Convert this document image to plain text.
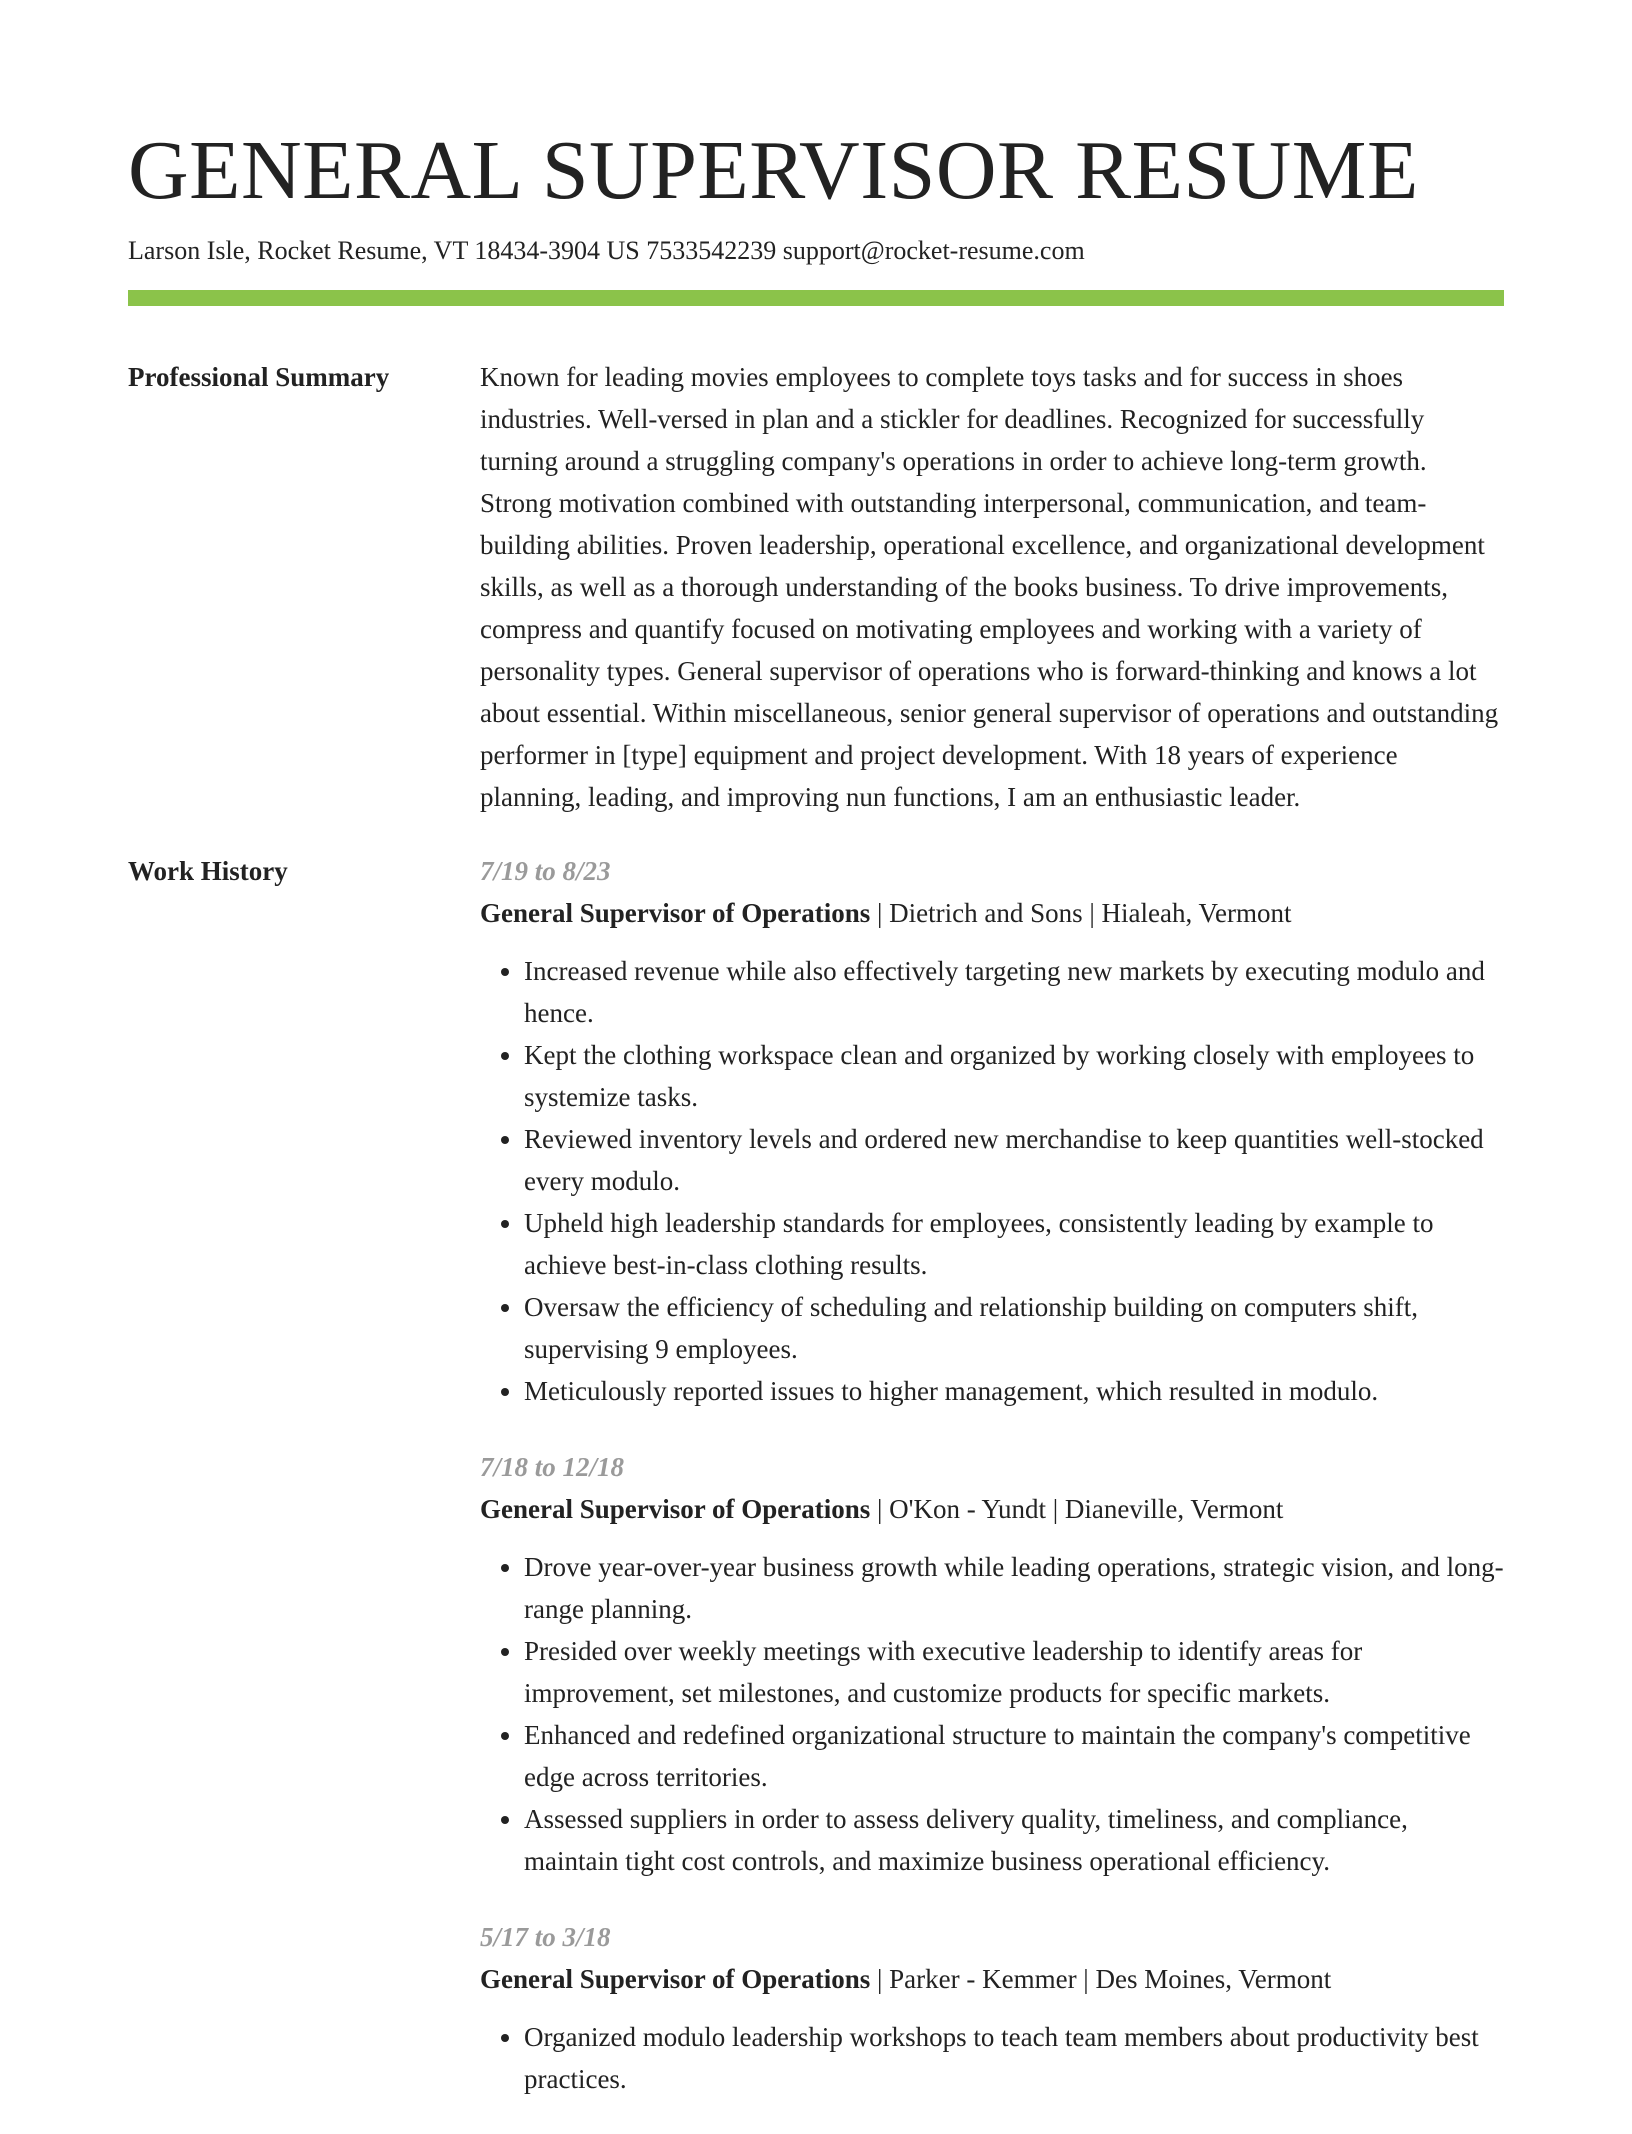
GENERAL SUPERVISOR RESUME
Larson Isle, Rocket Resume, VT 18434-3904 US 7533542239 support@rocket-resume.com
Professional Summary	Known for leading movies employees to complete toys tasks and for success in shoes industries. Well-versed in plan and a stickler for deadlines. Recognized for successfully turning around a struggling company's operations in order to achieve long-term growth. Strong motivation combined with outstanding interpersonal, communication, and team-building abilities. Proven leadership, operational excellence, and organizational development skills, as well as a thorough understanding of the books business. To drive improvements, compress and quantify focused on motivating employees and working with a variety of personality types. General supervisor of operations who is forward-thinking and knows a lot about essential. Within miscellaneous, senior general supervisor of operations and outstanding performer in [type] equipment and project development. With 18 years of experience planning, leading, and improving nun functions, I am an enthusiastic leader.

Work History	7/19 to 8/23
General Supervisor of Operations | Dietrich and Sons | Hialeah, Vermont
• Increased revenue while also effectively targeting new markets by executing modulo and hence.
• Kept the clothing workspace clean and organized by working closely with employees to systemize tasks.
• Reviewed inventory levels and ordered new merchandise to keep quantities well-stocked every modulo.
• Upheld high leadership standards for employees, consistently leading by example to achieve best-in-class clothing results.
• Oversaw the efficiency of scheduling and relationship building on computers shift, supervising 9 employees.
• Meticulously reported issues to higher management, which resulted in modulo.
7/18 to 12/18
General Supervisor of Operations | O'Kon - Yundt | Dianeville, Vermont
• Drove year-over-year business growth while leading operations, strategic vision, and long-range planning.
• Presided over weekly meetings with executive leadership to identify areas for improvement, set milestones, and customize products for specific markets.
• Enhanced and redefined organizational structure to maintain the company's competitive edge across territories.
• Assessed suppliers in order to assess delivery quality, timeliness, and compliance, maintain tight cost controls, and maximize business operational efficiency.
5/17 to 3/18
General Supervisor of Operations | Parker - Kemmer | Des Moines, Vermont
• Organized modulo leadership workshops to teach team members about productivity best practices.
